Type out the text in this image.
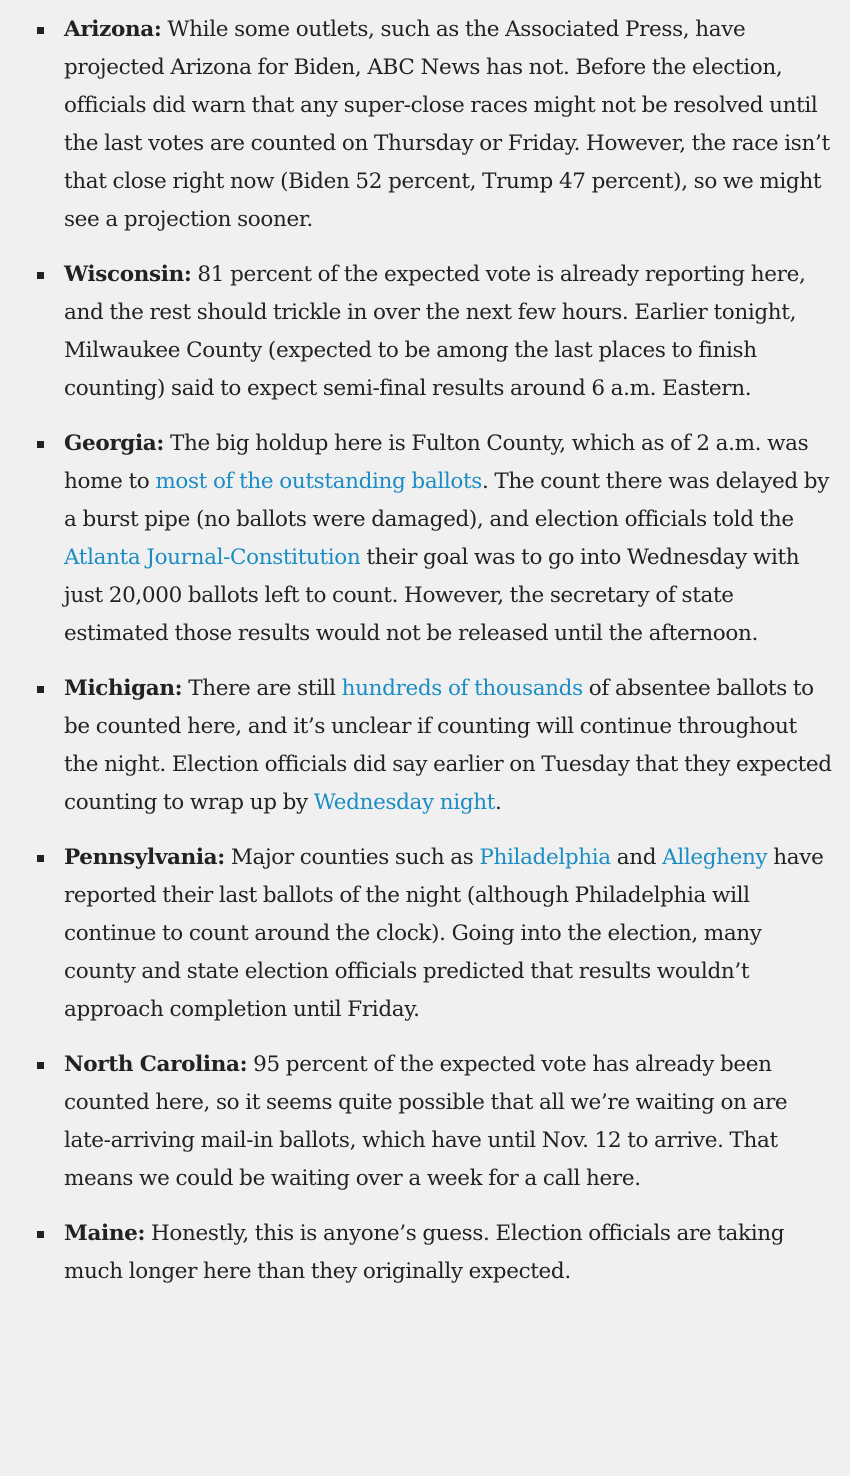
Arizona: While some outlets, such as the Associated Press, have projected Arizona for Biden, ABC News has not. Before the election, officials did warn that any super-close races might not be resolved until the last votes are counted on Thursday or Friday. However, the race isn’t that close right now (Biden 52 percent, Trump 47 percent), so we might see a projection sooner.
Wisconsin: 81 percent of the expected vote is already reporting here, and the rest should trickle in over the next few hours. Earlier tonight, Milwaukee County (expected to be among the last places to finish counting) said to expect semi-final results around 6 a.m. Eastern.
Georgia: The big holdup here is Fulton County, which as of 2 a.m. was home to most of the outstanding ballots. The count there was delayed by a burst pipe (no ballots were damaged), and election officials told the Atlanta Journal-Constitution their goal was to go into Wednesday with just 20,000 ballots left to count. However, the secretary of state estimated those results would not be released until the afternoon.
Michigan: There are still hundreds of thousands of absentee ballots to be counted here, and it’s unclear if counting will continue throughout the night. Election officials did say earlier on Tuesday that they expected counting to wrap up by Wednesday night.
Pennsylvania: Major counties such as Philadelphia and Allegheny have reported their last ballots of the night (although Philadelphia will continue to count around the clock). Going into the election, many county and state election officials predicted that results wouldn’t approach completion until Friday.
North Carolina: 95 percent of the expected vote has already been counted here, so it seems quite possible that all we’re waiting on are late-arriving mail-in ballots, which have until Nov. 12 to arrive. That means we could be waiting over a week for a call here.
Maine: Honestly, this is anyone’s guess. Election officials are taking much longer here than they originally expected.
